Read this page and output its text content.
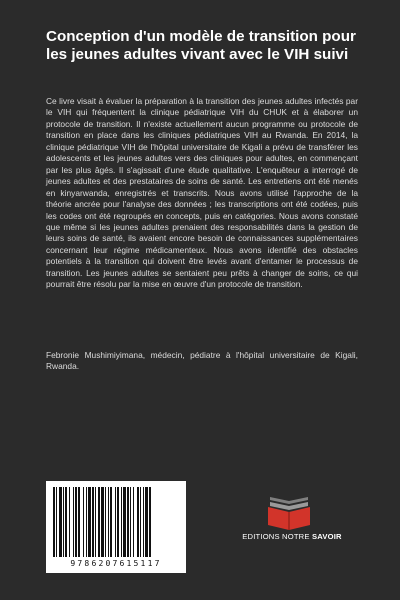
Conception d'un modèle de transition pour les jeunes adultes vivant avec le VIH suivi

Ce livre visait à évaluer la préparation à la transition des jeunes adultes infectés par le VIH qui fréquentent la clinique pédiatrique VIH du CHUK et à élaborer un protocole de transition. Il n'existe actuellement aucun programme ou protocole de transition en place dans les cliniques pédiatriques VIH au Rwanda. En 2014, la clinique pédiatrique VIH de l'hôpital universitaire de Kigali a prévu de transférer les adolescents et les jeunes adultes vers des cliniques pour adultes, en commençant par les plus âgés. Il s'agissait d'une étude qualitative. L'enquêteur a interrogé de jeunes adultes et des prestataires de soins de santé. Les entretiens ont été menés en kinyarwanda, enregistrés et transcrits. Nous avons utilisé l'approche de la théorie ancrée pour l'analyse des données ; les transcriptions ont été codées, puis les codes ont été regroupés en concepts, puis en catégories. Nous avons constaté que même si les jeunes adultes prenaient des responsabilités dans la gestion de leurs soins de santé, ils avaient encore besoin de connaissances supplémentaires concernant leur régime médicamenteux. Nous avons identifié des obstacles potentiels à la transition qui doivent être levés avant d'entamer le processus de transition. Les jeunes adultes se sentaient peu prêts à changer de soins, ce qui pourrait être résolu par la mise en œuvre d'un protocole de transition.

Febronie Mushimiyimana, médecin, pédiatre à l'hôpital universitaire de Kigali, Rwanda.

9786207615117
EDITIONS NOTRE SAVOIR
